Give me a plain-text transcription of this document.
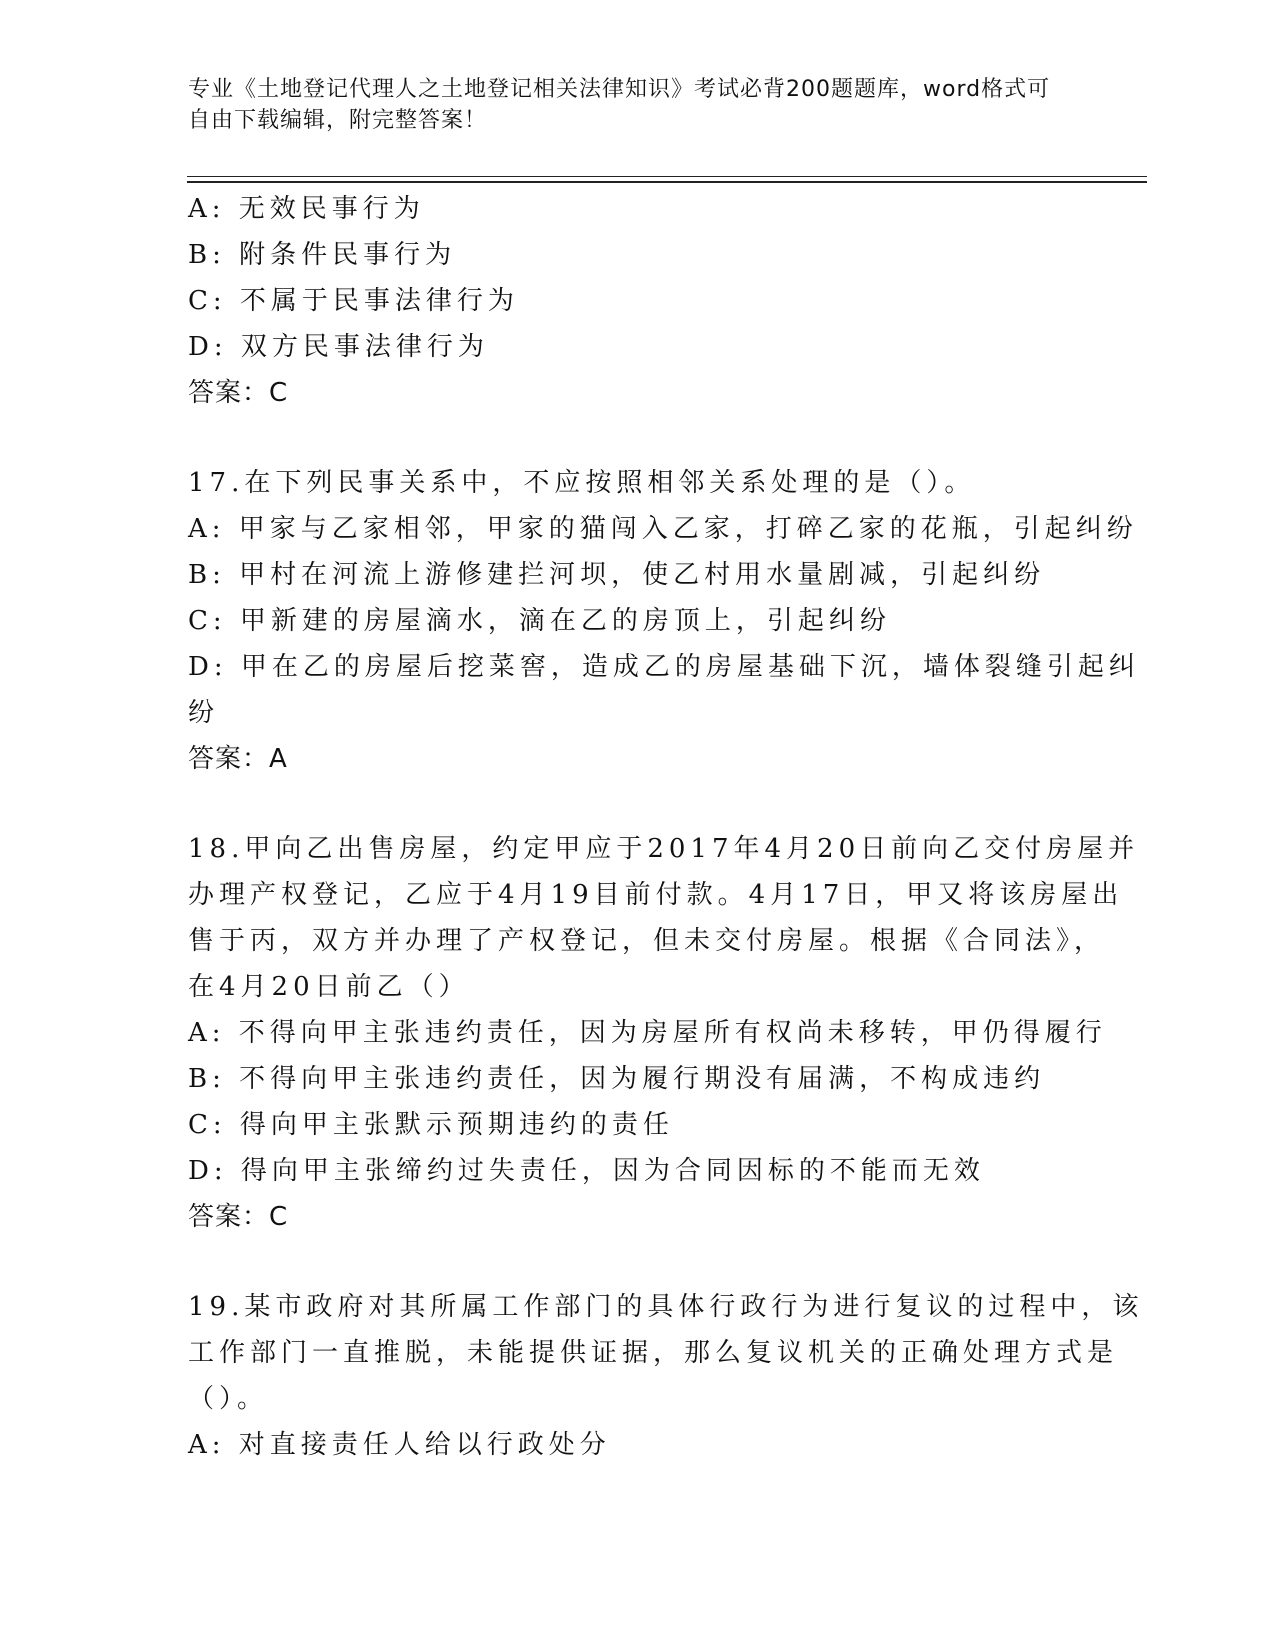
专业《土地登记代理人之土地登记相关法律知识》考试必背200题题库，word格式可自由下载编辑，附完整答案！

A: 无效民事行为

B: 附条件民事行为

C: 不属于民事法律行为

D: 双方民事法律行为

答案：C

17.在下列民事关系中，不应按照相邻关系处理的是（）。

A: 甲家与乙家相邻，甲家的猫闯入乙家，打碎乙家的花瓶，引起纠纷

B: 甲村在河流上游修建拦河坝，使乙村用水量剧减，引起纠纷

C: 甲新建的房屋滴水，滴在乙的房顶上，引起纠纷

D: 甲在乙的房屋后挖菜窖，造成乙的房屋基础下沉，墙体裂缝引起纠

纷

答案：A

18.甲向乙出售房屋，约定甲应于2017年4月20日前向乙交付房屋并

办理产权登记，乙应于4月19目前付款。4月17日，甲又将该房屋出

售于丙，双方并办理了产权登记，但未交付房屋。根据《合同法》，

在4月20日前乙（）

A: 不得向甲主张违约责任，因为房屋所有权尚未移转，甲仍得履行

B: 不得向甲主张违约责任，因为履行期没有届满，不构成违约

C: 得向甲主张默示预期违约的责任

D: 得向甲主张缔约过失责任，因为合同因标的不能而无效

答案：C

19.某市政府对其所属工作部门的具体行政行为进行复议的过程中，该

工作部门一直推脱，未能提供证据，那么复议机关的正确处理方式是

（）。

A: 对直接责任人给以行政处分
